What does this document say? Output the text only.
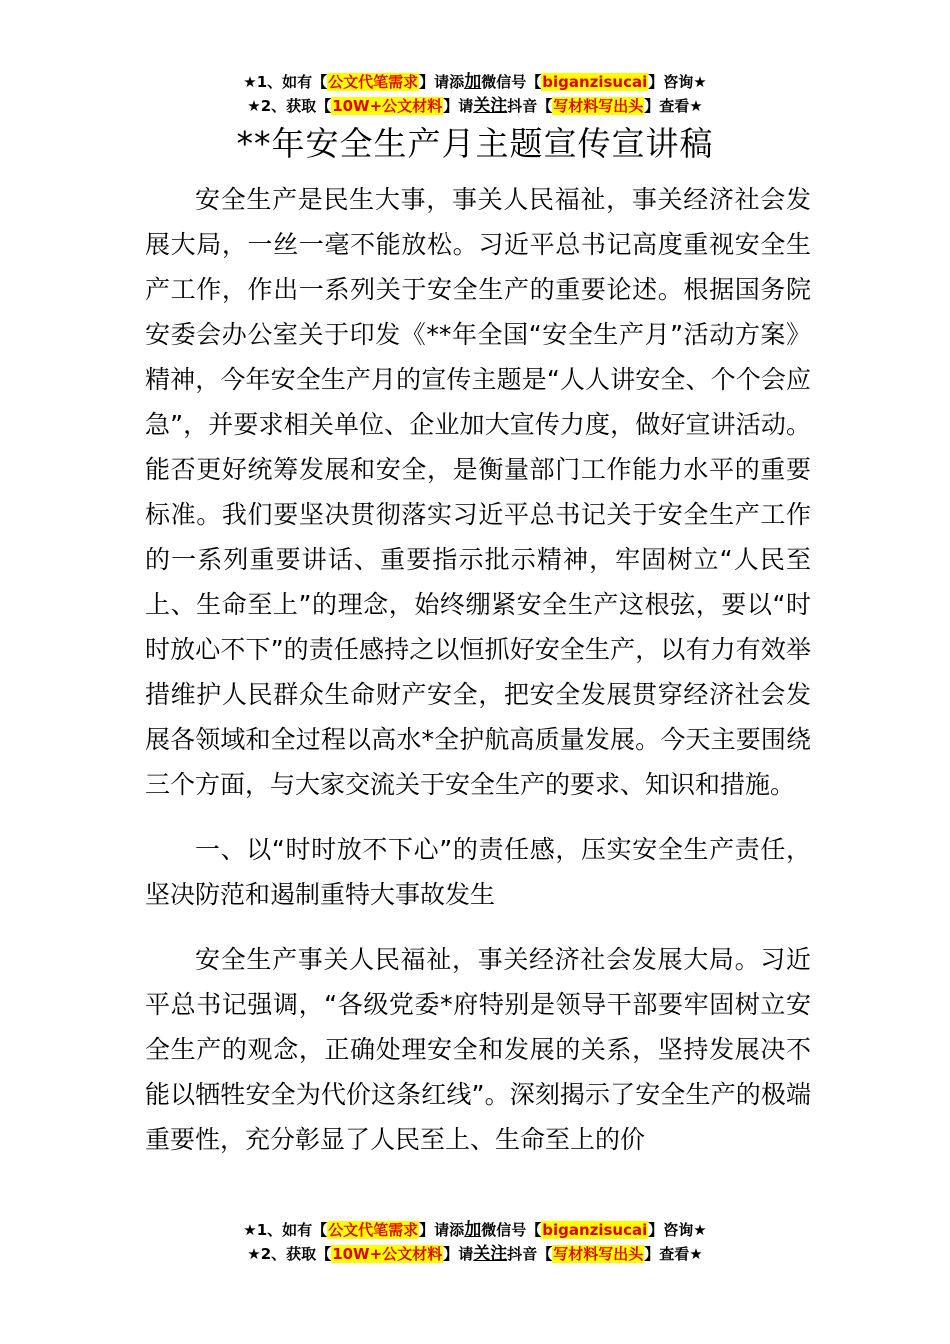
★1、如有【公文代笔需求】请添加微信号【biganzisucai】咨询★
★2、获取【10W+公文材料】请关注抖音【写材料写出头】查看★
**年安全生产月主题宣传宣讲稿

安全生产是民生大事，事关人民福祉，事关经济社会发展大局，一丝一毫不能放松。习近平总书记高度重视安全生产工作，作出一系列关于安全生产的重要论述。根据国务院安委会办公室关于印发《**年全国“安全生产月”活动方案》精神，今年安全生产月的宣传主题是“人人讲安全、个个会应急”，并要求相关单位、企业加大宣传力度，做好宣讲活动。能否更好统筹发展和安全，是衡量部门工作能力水平的重要标准。我们要坚决贯彻落实习近平总书记关于安全生产工作的一系列重要讲话、重要指示批示精神，牢固树立“人民至上、生命至上”的理念，始终绷紧安全生产这根弦，要以“时时放心不下”的责任感持之以恒抓好安全生产，以有力有效举措维护人民群众生命财产安全，把安全发展贯穿经济社会发展各领域和全过程以高水*全护航高质量发展。今天主要围绕三个方面，与大家交流关于安全生产的要求、知识和措施。

一、以“时时放不下心”的责任感，压实安全生产责任，坚决防范和遏制重特大事故发生

安全生产事关人民福祉，事关经济社会发展大局。习近平总书记强调，“各级党委*府特别是领导干部要牢固树立安全生产的观念，正确处理安全和发展的关系，坚持发展决不能以牺牲安全为代价这条红线”。深刻揭示了安全生产的极端重要性，充分彰显了人民至上、生命至上的价

★1、如有【公文代笔需求】请添加微信号【biganzisucai】咨询★
★2、获取【10W+公文材料】请关注抖音【写材料写出头】查看★
